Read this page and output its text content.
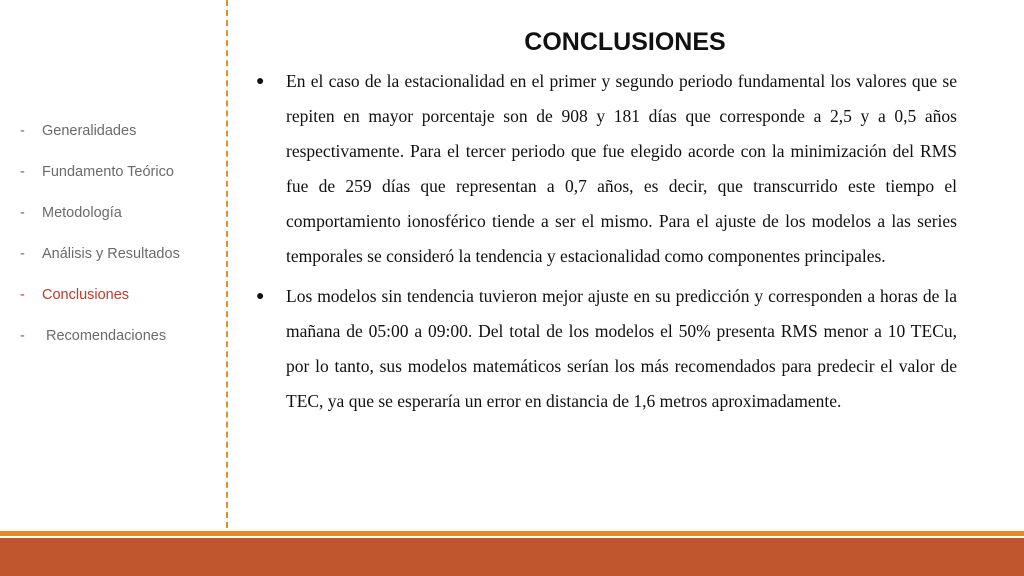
- Generalidades
- Fundamento Teórico
- Metodología
- Análisis y Resultados
- Conclusiones
- Recomendaciones
CONCLUSIONES
● En el caso de la estacionalidad en el primer y segundo periodo fundamental los valores que se repiten en mayor porcentaje son de 908 y 181 días que corresponde a 2,5 y a 0,5 años respectivamente. Para el tercer periodo que fue elegido acorde con la minimización del RMS fue de 259 días que representan a 0,7 años, es decir, que transcurrido este tiempo el comportamiento ionosférico tiende a ser el mismo. Para el ajuste de los modelos a las series temporales se consideró la tendencia y estacionalidad como componentes principales.
● Los modelos sin tendencia tuvieron mejor ajuste en su predicción y corresponden a horas de la mañana de 05:00 a 09:00. Del total de los modelos el 50% presenta RMS menor a 10 TECu, por lo tanto, sus modelos matemáticos serían los más recomendados para predecir el valor de TEC, ya que se esperaría un error en distancia de 1,6 metros aproximadamente.
